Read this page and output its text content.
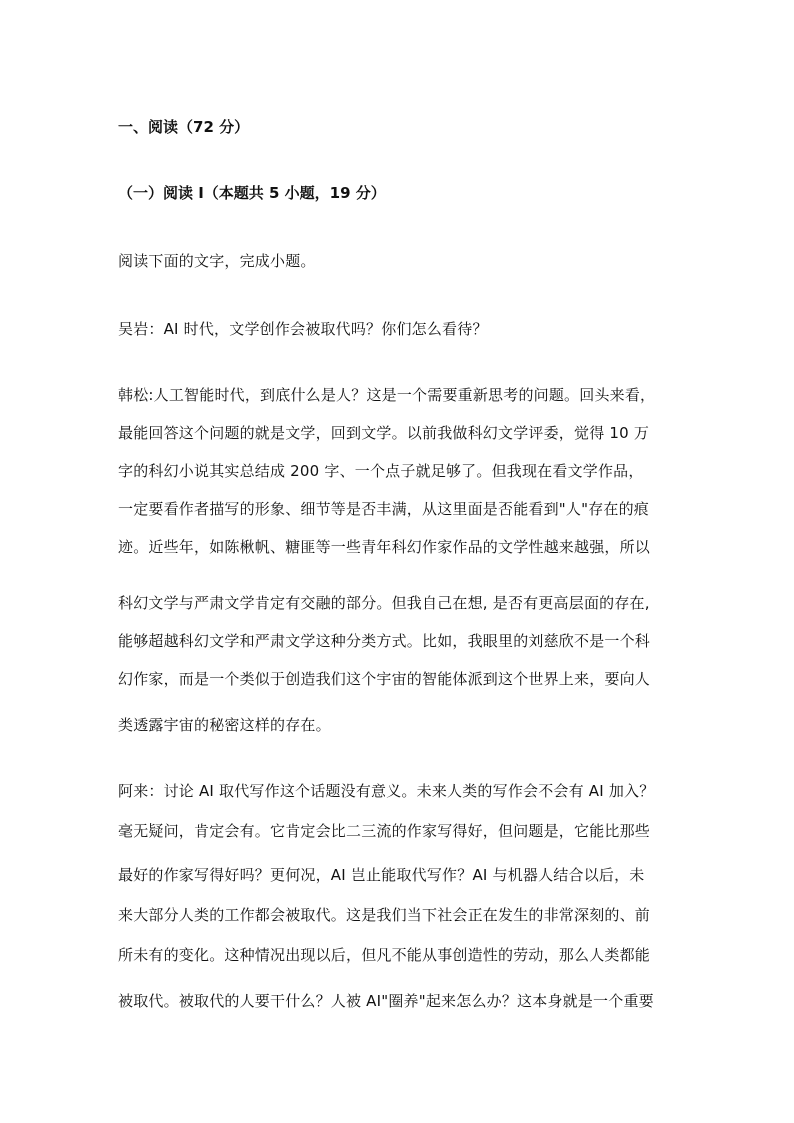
一、阅读（72 分）
（一）阅读 I（本题共 5 小题，19 分）
阅读下面的文字，完成小题。
吴岩：AI 时代，文学创作会被取代吗？你们怎么看待？
韩松:人工智能时代，到底什么是人？这是一个需要重新思考的问题。回头来看，
最能回答这个问题的就是文学，回到文学。以前我做科幻文学评委，觉得 10 万
字的科幻小说其实总结成 200 字、一个点子就足够了。但我现在看文学作品，
一定要看作者描写的形象、细节等是否丰满，从这里面是否能看到"人"存在的痕
迹。近些年，如陈楸帆、糖匪等一些青年科幻作家作品的文学性越来越强，所以
科幻文学与严肃文学肯定有交融的部分。但我自己在想, 是否有更高层面的存在,
能够超越科幻文学和严肃文学这种分类方式。比如，我眼里的刘慈欣不是一个科
幻作家，而是一个类似于创造我们这个宇宙的智能体派到这个世界上来，要向人
类透露宇宙的秘密这样的存在。
阿来：讨论 AI 取代写作这个话题没有意义。未来人类的写作会不会有 AI 加入？
毫无疑问，肯定会有。它肯定会比二三流的作家写得好，但问题是，它能比那些
最好的作家写得好吗？更何况，AI 岂止能取代写作？AI 与机器人结合以后，未
来大部分人类的工作都会被取代。这是我们当下社会正在发生的非常深刻的、前
所未有的变化。这种情况出现以后，但凡不能从事创造性的劳动，那么人类都能
被取代。被取代的人要干什么？人被 AI"圈养"起来怎么办？这本身就是一个重要
